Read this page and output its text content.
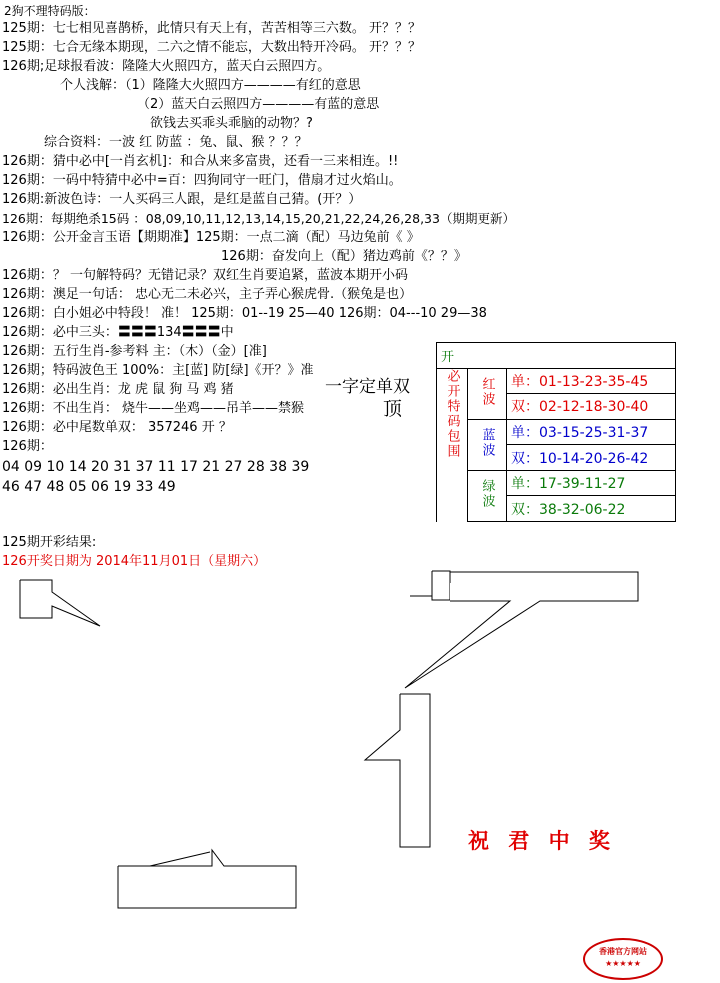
2狗不理特码版：
125期：七七相见喜鹊桥，此情只有天上有，苦苦相等三六数。 开？？？
125期：七合无缘本期现，二六之情不能忘，大数出特开冷码。 开？？？
126期;足球报看波：隆隆大火照四方，蓝天白云照四方。
个人浅解：（1）隆隆大火照四方————有红的意思
（2）蓝天白云照四方————有蓝的意思
欲钱去买乖头乖脑的动物？?
综合资料：一波 红 防蓝 ：兔、鼠、猴 ？？？
126期：猜中必中[一肖玄机]：和合从来多富贵，还看一三来相连。!!
126期：一码中特猜中必中=百：四狗同守一旺门，借扇才过火焰山。
126期:新波色诗：一人买码三人跟，是红是蓝自己猜。(开？）
126期：每期绝杀15码 ：08,09,10,11,12,13,14,15,20,21,22,24,26,28,33（期期更新）
126期：公开金言玉语【期期准】125期：一点二滴（配）马边兔前《 》
126期：奋发向上（配）猪边鸡前《？？》
126期：？ 一句解特码？无错记录？双红生肖要追紧，蓝波本期开小码
126期：澳足一句话： 忠心无二未必兴，主子弄心猴虎骨.（猴兔是也）
126期：白小姐必中特段！ 准！ 125期：01--19 25—40 126期：04---10 29—38
126期：必中三头：〓〓〓134〓〓〓中
126期：五行生肖-参考料 主：（木）（金）[准]
126期；特码波色王 100%：主[蓝] 防[绿]《开？》准
126期：必出生肖：龙 虎 鼠 狗 马 鸡 猪
126期：不出生肖： 烧牛——坐鸡——吊羊——禁猴
126期：必中尾数单双： 357246 开 ？
126期：
04 09 10 14 20 31 37 11 17 21 27 28 38 39
46 47 48 05 06 19 33 49
一字定单双
顶
开		
必开特码包围	红波	单：01-13-23-35-45
		双：02-12-18-30-40
	蓝波	单：03-15-25-31-37
		双：10-14-20-26-42
	绿波	单：17-39-11-27
		双：38-32-06-22
125期开彩结果:
126开奖日期为 2014年11月01日（星期六）
祝 君 中 奖
香港官方网站
★★★★★
